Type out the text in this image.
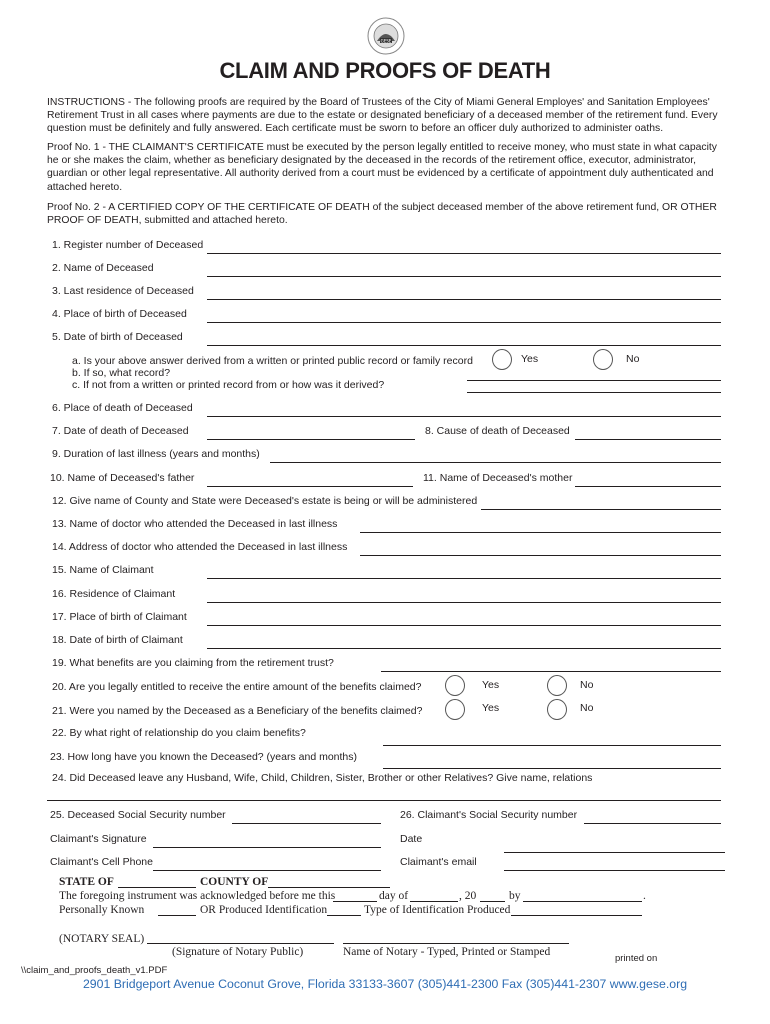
GESE
CLAIM AND PROOFS OF DEATH
INSTRUCTIONS - The following proofs are required by the Board of Trustees of the City of Miami General Employes' and Sanitation Employees' Retirement Trust in all cases where payments are due to the estate or designated beneficiary of a deceased member of the retirement fund. Every question must be definitely and fully answered. Each certificate must be sworn to before an officer duly authorized to administer oaths.
Proof No. 1 - THE CLAIMANT'S CERTIFICATE must be executed by the person legally entitled to receive money, who must state in what capacity he or she makes the claim, whether as beneficiary designated by the deceased in the records of the retirement office, executor, administrator, guardian or other legal representative. All authority derived from a court must be evidenced by a certificate of appointment duly authenticated and attached hereto.
Proof No. 2 - A CERTIFIED COPY OF THE CERTIFICATE OF DEATH of the subject deceased member of the above retirement fund, OR OTHER PROOF OF DEATH, submitted and attached hereto.
1. Register number of Deceased
2. Name of Deceased
3. Last residence of Deceased
4. Place of birth of Deceased
5. Date of birth of Deceased
a. Is your above answer derived from a written or printed public record or family record	Yes	No
b. If so, what record?
c. If not from a written or printed record from or how was it derived?
6. Place of death of Deceased
7. Date of death of Deceased	8. Cause of death of Deceased
9. Duration of last illness (years and months)
10. Name of Deceased's father	11. Name of Deceased's mother
12. Give name of County and State were Deceased's estate is being or will be administered
13. Name of doctor who attended the Deceased in last illness
14. Address of doctor who attended the Deceased in last illness
15. Name of Claimant
16. Residence of Claimant
17. Place of birth of Claimant
18. Date of birth of Claimant
19. What benefits are you claiming from the retirement trust?
20. Are you legally entitled to receive the entire amount of the benefits claimed?	Yes	No
21. Were you named by the Deceased as a Beneficiary of the benefits claimed?	Yes	No
22. By what right of relationship do you claim benefits?
23. How long have you known the Deceased? (years and months)
24. Did Deceased leave any Husband, Wife, Child, Children, Sister, Brother or other Relatives? Give name, relations
25. Deceased Social Security number	26. Claimant's Social Security number
Claimant's Signature	Date
Claimant's Cell Phone	Claimant's email
STATE OF	COUNTY OF
The foregoing instrument was acknowledged before me this	day of	, 20	by	.
Personally Known	OR Produced Identification	Type of Identification Produced
(NOTARY SEAL)
(Signature of Notary Public)	Name of Notary - Typed, Printed or Stamped
printed on
\\claim_and_proofs_death_v1.PDF
2901 Bridgeport Avenue Coconut Grove, Florida 33133-3607 (305)441-2300 Fax (305)441-2307 www.gese.org
